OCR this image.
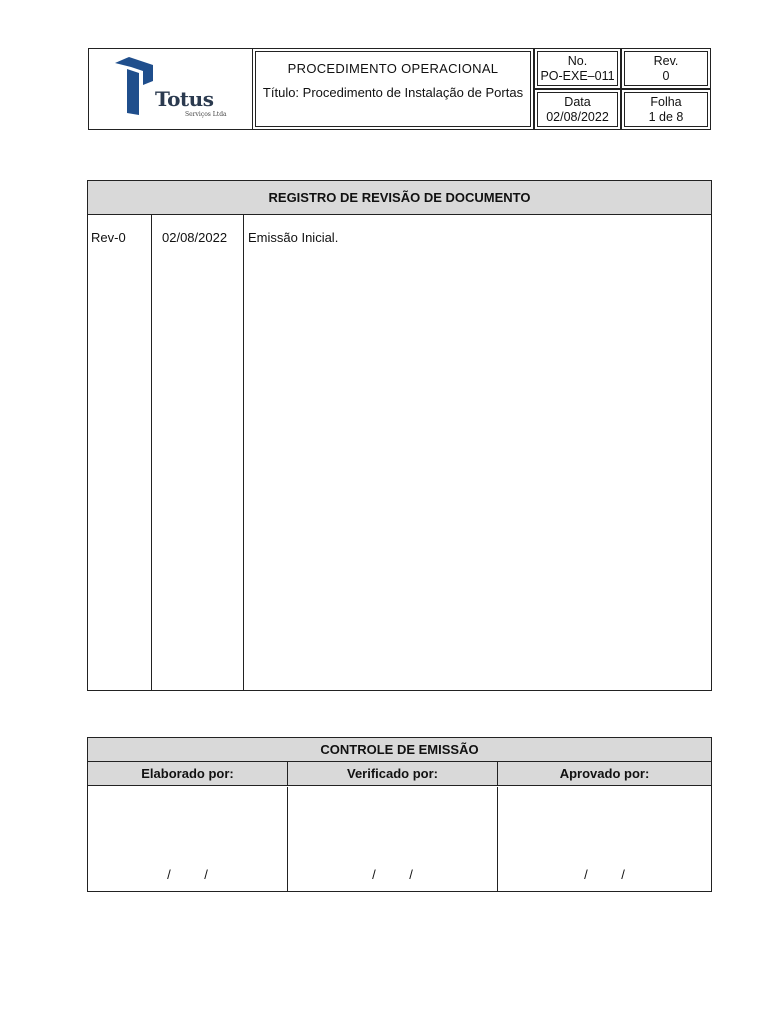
Totus
Serviços Ltda
PROCEDIMENTO OPERACIONAL
Título: Procedimento de Instalação de Portas
No.
PO-EXE–011
Rev.
0
Data
02/08/2022
Folha
1 de 8
REGISTRO DE REVISÃO DE DOCUMENTO
Rev-0	02/08/2022 Emissão Inicial.
CONTROLE DE EMISSÃO
Elaborado por:	Verificado por:	Aprovado por:
/ /	/ /	/ /
